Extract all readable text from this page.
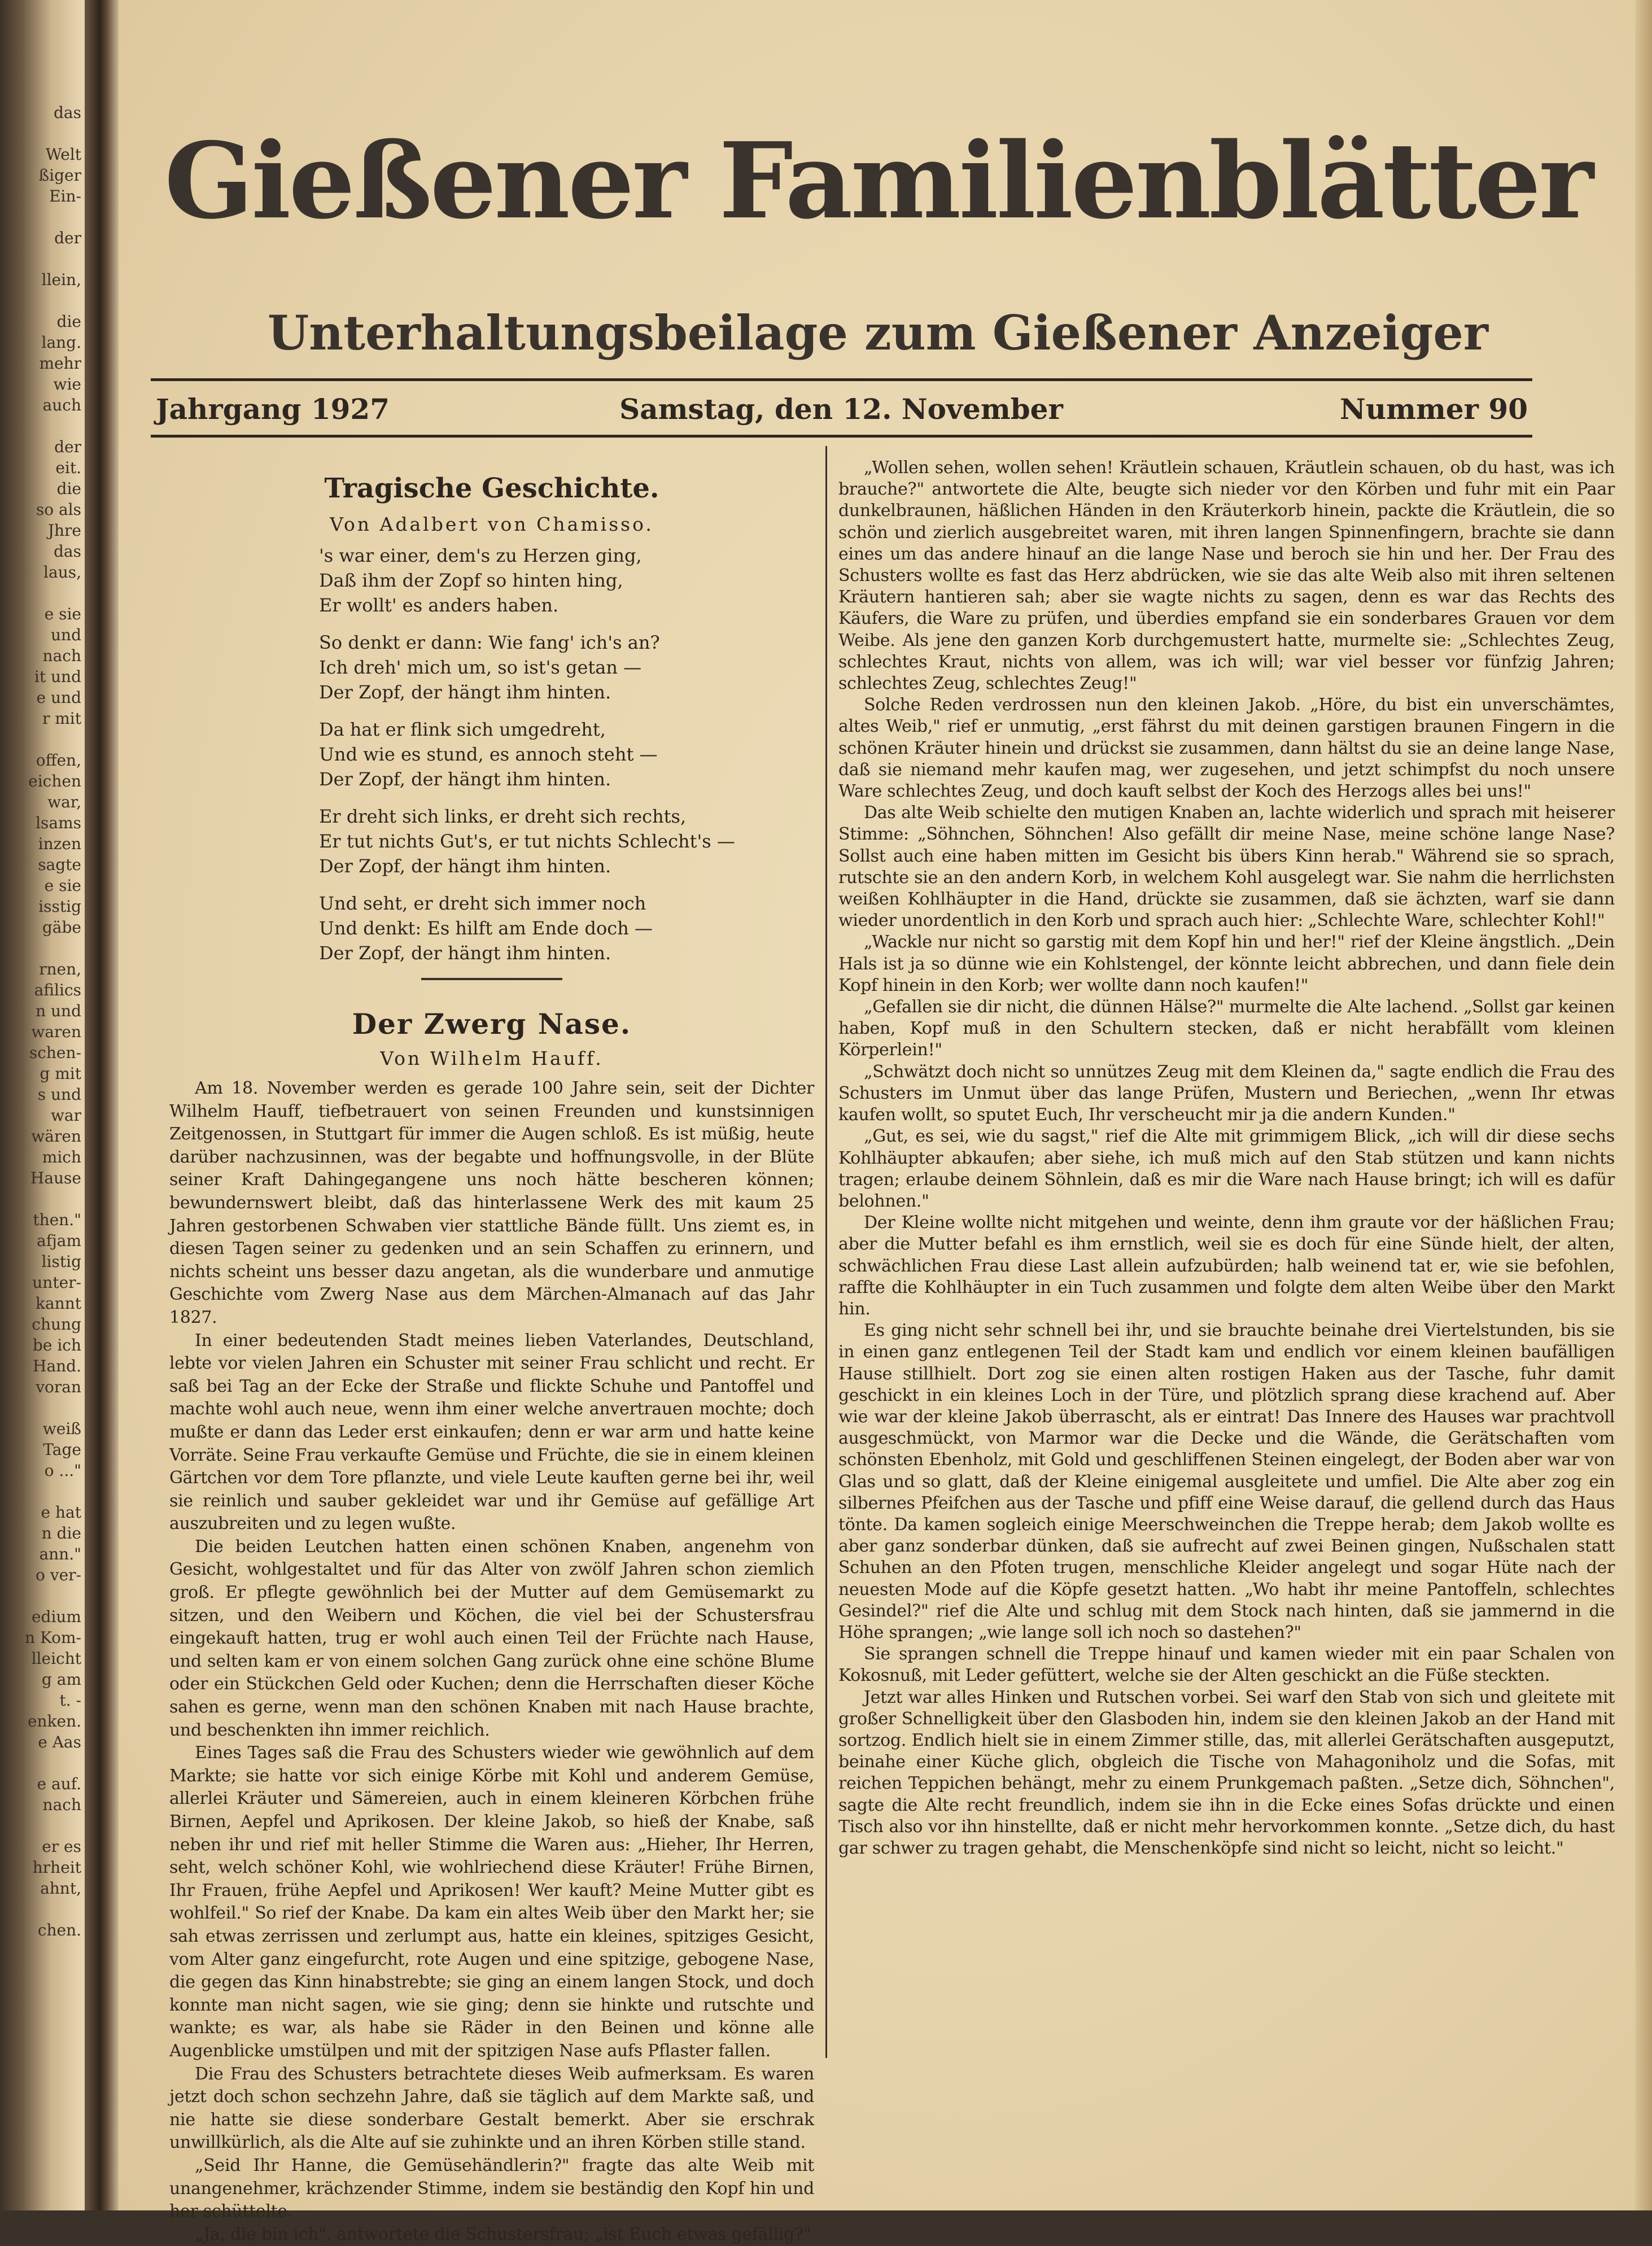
das
Welt
ßiger
Ein-
der
llein,
die
lang.
mehr
wie
auch
der
eit.
die
so als
Jhre
das
laus,
e sie
und
nach
it und
e und
r mit
offen,
eichen
war,
lsams
inzen
sagte
e sie
isstig
gäbe
rnen,
afilics
n und
waren
schen-
g mit
s und
war
wären
mich
Hause
then."
afjam
listig
unter-
kannt
chung
be ich
Hand.
voran
weiß
Tage
o ..."
e hat
n die
ann."
o ver-
edium
n Kom-
lleicht
g am
t. -
enken.
e Aas
e auf.
nach
er es
hrheit
ahnt,
chen.
Gießener Familienblätter
Unterhaltungsbeilage zum Gießener Anzeiger
Jahrgang 1927	Samstag, den 12. November	Nummer 90
Tragische Geschichte.
Von Adalbert von Chamisso.
's war einer, dem's zu Herzen ging,
Daß ihm der Zopf so hinten hing,
Er wollt' es anders haben.
So denkt er dann: Wie fang' ich's an?
Ich dreh' mich um, so ist's getan —
Der Zopf, der hängt ihm hinten.
Da hat er flink sich umgedreht,
Und wie es stund, es annoch steht —
Der Zopf, der hängt ihm hinten.
Er dreht sich links, er dreht sich rechts,
Er tut nichts Gut's, er tut nichts Schlecht's —
Der Zopf, der hängt ihm hinten.
Und seht, er dreht sich immer noch
Und denkt: Es hilft am Ende doch —
Der Zopf, der hängt ihm hinten.
Der Zwerg Nase.
Von Wilhelm Hauff.

Am 18. November werden es gerade 100 Jahre sein, seit der Dichter Wilhelm Hauff, tiefbetrauert von seinen Freunden und kunstsinnigen Zeitgenossen, in Stuttgart für immer die Augen schloß. Es ist müßig, heute darüber nachzusinnen, was der begabte und hoffnungsvolle, in der Blüte seiner Kraft Dahingegangene uns noch hätte bescheren können; bewundernswert bleibt, daß das hinterlassene Werk des mit kaum 25 Jahren gestorbenen Schwaben vier stattliche Bände füllt. Uns ziemt es, in diesen Tagen seiner zu gedenken und an sein Schaffen zu erinnern, und nichts scheint uns besser dazu angetan, als die wunderbare und anmutige Geschichte vom Zwerg Nase aus dem Märchen-Almanach auf das Jahr 1827.

In einer bedeutenden Stadt meines lieben Vaterlandes, Deutschland, lebte vor vielen Jahren ein Schuster mit seiner Frau schlicht und recht. Er saß bei Tag an der Ecke der Straße und flickte Schuhe und Pantoffel und machte wohl auch neue, wenn ihm einer welche anvertrauen mochte; doch mußte er dann das Leder erst einkaufen; denn er war arm und hatte keine Vorräte. Seine Frau verkaufte Gemüse und Früchte, die sie in einem kleinen Gärtchen vor dem Tore pflanzte, und viele Leute kauften gerne bei ihr, weil sie reinlich und sauber gekleidet war und ihr Gemüse auf gefällige Art auszubreiten und zu legen wußte.

Die beiden Leutchen hatten einen schönen Knaben, angenehm von Gesicht, wohlgestaltet und für das Alter von zwölf Jahren schon ziemlich groß. Er pflegte gewöhnlich bei der Mutter auf dem Gemüsemarkt zu sitzen, und den Weibern und Köchen, die viel bei der Schustersfrau eingekauft hatten, trug er wohl auch einen Teil der Früchte nach Hause, und selten kam er von einem solchen Gang zurück ohne eine schöne Blume oder ein Stückchen Geld oder Kuchen; denn die Herrschaften dieser Köche sahen es gerne, wenn man den schönen Knaben mit nach Hause brachte, und beschenkten ihn immer reichlich.

Eines Tages saß die Frau des Schusters wieder wie gewöhnlich auf dem Markte; sie hatte vor sich einige Körbe mit Kohl und anderem Gemüse, allerlei Kräuter und Sämereien, auch in einem kleineren Körbchen frühe Birnen, Aepfel und Aprikosen. Der kleine Jakob, so hieß der Knabe, saß neben ihr und rief mit heller Stimme die Waren aus: „Hieher, Ihr Herren, seht, welch schöner Kohl, wie wohlriechend diese Kräuter! Frühe Birnen, Ihr Frauen, frühe Aepfel und Aprikosen! Wer kauft? Meine Mutter gibt es wohlfeil." So rief der Knabe. Da kam ein altes Weib über den Markt her; sie sah etwas zerrissen und zerlumpt aus, hatte ein kleines, spitziges Gesicht, vom Alter ganz eingefurcht, rote Augen und eine spitzige, gebogene Nase, die gegen das Kinn hinabstrebte; sie ging an einem langen Stock, und doch konnte man nicht sagen, wie sie ging; denn sie hinkte und rutschte und wankte; es war, als habe sie Räder in den Beinen und könne alle Augenblicke umstülpen und mit der spitzigen Nase aufs Pflaster fallen.

Die Frau des Schusters betrachtete dieses Weib aufmerksam. Es waren jetzt doch schon sechzehn Jahre, daß sie täglich auf dem Markte saß, und nie hatte sie diese sonderbare Gestalt bemerkt. Aber sie erschrak unwillkürlich, als die Alte auf sie zuhinkte und an ihren Körben stille stand.

„Seid Ihr Hanne, die Gemüsehändlerin?" fragte das alte Weib mit unangenehmer, krächzender Stimme, indem sie beständig den Kopf hin und her schüttelte.

„Ja, die bin ich", antwortete die Schustersfrau; „ist Euch etwas gefällig?"

„Wollen sehen, wollen sehen! Kräutlein schauen, Kräutlein schauen, ob du hast, was ich brauche?" antwortete die Alte, beugte sich nieder vor den Körben und fuhr mit ein Paar dunkelbraunen, häßlichen Händen in den Kräuterkorb hinein, packte die Kräutlein, die so schön und zierlich ausgebreitet waren, mit ihren langen Spinnenfingern, brachte sie dann eines um das andere hinauf an die lange Nase und beroch sie hin und her. Der Frau des Schusters wollte es fast das Herz abdrücken, wie sie das alte Weib also mit ihren seltenen Kräutern hantieren sah; aber sie wagte nichts zu sagen, denn es war das Rechts des Käufers, die Ware zu prüfen, und überdies empfand sie ein sonderbares Grauen vor dem Weibe. Als jene den ganzen Korb durchgemustert hatte, murmelte sie: „Schlechtes Zeug, schlechtes Kraut, nichts von allem, was ich will; war viel besser vor fünfzig Jahren; schlechtes Zeug, schlechtes Zeug!"

Solche Reden verdrossen nun den kleinen Jakob. „Höre, du bist ein unverschämtes, altes Weib," rief er unmutig, „erst fährst du mit deinen garstigen braunen Fingern in die schönen Kräuter hinein und drückst sie zusammen, dann hältst du sie an deine lange Nase, daß sie niemand mehr kaufen mag, wer zugesehen, und jetzt schimpfst du noch unsere Ware schlechtes Zeug, und doch kauft selbst der Koch des Herzogs alles bei uns!"

Das alte Weib schielte den mutigen Knaben an, lachte widerlich und sprach mit heiserer Stimme: „Söhnchen, Söhnchen! Also gefällt dir meine Nase, meine schöne lange Nase? Sollst auch eine haben mitten im Gesicht bis übers Kinn herab." Während sie so sprach, rutschte sie an den andern Korb, in welchem Kohl ausgelegt war. Sie nahm die herrlichsten weißen Kohlhäupter in die Hand, drückte sie zusammen, daß sie ächzten, warf sie dann wieder unordentlich in den Korb und sprach auch hier: „Schlechte Ware, schlechter Kohl!"

„Wackle nur nicht so garstig mit dem Kopf hin und her!" rief der Kleine ängstlich. „Dein Hals ist ja so dünne wie ein Kohlstengel, der könnte leicht abbrechen, und dann fiele dein Kopf hinein in den Korb; wer wollte dann noch kaufen!"

„Gefallen sie dir nicht, die dünnen Hälse?" murmelte die Alte lachend. „Sollst gar keinen haben, Kopf muß in den Schultern stecken, daß er nicht herabfällt vom kleinen Körperlein!"

„Schwätzt doch nicht so unnützes Zeug mit dem Kleinen da," sagte endlich die Frau des Schusters im Unmut über das lange Prüfen, Mustern und Beriechen, „wenn Ihr etwas kaufen wollt, so sputet Euch, Ihr verscheucht mir ja die andern Kunden."

„Gut, es sei, wie du sagst," rief die Alte mit grimmigem Blick, „ich will dir diese sechs Kohlhäupter abkaufen; aber siehe, ich muß mich auf den Stab stützen und kann nichts tragen; erlaube deinem Söhnlein, daß es mir die Ware nach Hause bringt; ich will es dafür belohnen."

Der Kleine wollte nicht mitgehen und weinte, denn ihm graute vor der häßlichen Frau; aber die Mutter befahl es ihm ernstlich, weil sie es doch für eine Sünde hielt, der alten, schwächlichen Frau diese Last allein aufzubürden; halb weinend tat er, wie sie befohlen, raffte die Kohlhäupter in ein Tuch zusammen und folgte dem alten Weibe über den Markt hin.

Es ging nicht sehr schnell bei ihr, und sie brauchte beinahe drei Viertelstunden, bis sie in einen ganz entlegenen Teil der Stadt kam und endlich vor einem kleinen baufälligen Hause stillhielt. Dort zog sie einen alten rostigen Haken aus der Tasche, fuhr damit geschickt in ein kleines Loch in der Türe, und plötzlich sprang diese krachend auf. Aber wie war der kleine Jakob überrascht, als er eintrat! Das Innere des Hauses war prachtvoll ausgeschmückt, von Marmor war die Decke und die Wände, die Gerätschaften vom schönsten Ebenholz, mit Gold und geschliffenen Steinen eingelegt, der Boden aber war von Glas und so glatt, daß der Kleine einigemal ausgleitete und umfiel. Die Alte aber zog ein silbernes Pfeifchen aus der Tasche und pfiff eine Weise darauf, die gellend durch das Haus tönte. Da kamen sogleich einige Meerschweinchen die Treppe herab; dem Jakob wollte es aber ganz sonderbar dünken, daß sie aufrecht auf zwei Beinen gingen, Nußschalen statt Schuhen an den Pfoten trugen, menschliche Kleider angelegt und sogar Hüte nach der neuesten Mode auf die Köpfe gesetzt hatten. „Wo habt ihr meine Pantoffeln, schlechtes Gesindel?" rief die Alte und schlug mit dem Stock nach hinten, daß sie jammernd in die Höhe sprangen; „wie lange soll ich noch so dastehen?"

Sie sprangen schnell die Treppe hinauf und kamen wieder mit ein paar Schalen von Kokosnuß, mit Leder gefüttert, welche sie der Alten geschickt an die Füße steckten.

Jetzt war alles Hinken und Rutschen vorbei. Sei warf den Stab von sich und gleitete mit großer Schnelligkeit über den Glasboden hin, indem sie den kleinen Jakob an der Hand mit sortzog. Endlich hielt sie in einem Zimmer stille, das, mit allerlei Gerätschaften ausgeputzt, beinahe einer Küche glich, obgleich die Tische von Mahagoniholz und die Sofas, mit reichen Teppichen behängt, mehr zu einem Prunkgemach paßten. „Setze dich, Söhnchen", sagte die Alte recht freundlich, indem sie ihn in die Ecke eines Sofas drückte und einen Tisch also vor ihn hinstellte, daß er nicht mehr hervorkommen konnte. „Setze dich, du hast gar schwer zu tragen gehabt, die Menschenköpfe sind nicht so leicht, nicht so leicht."
